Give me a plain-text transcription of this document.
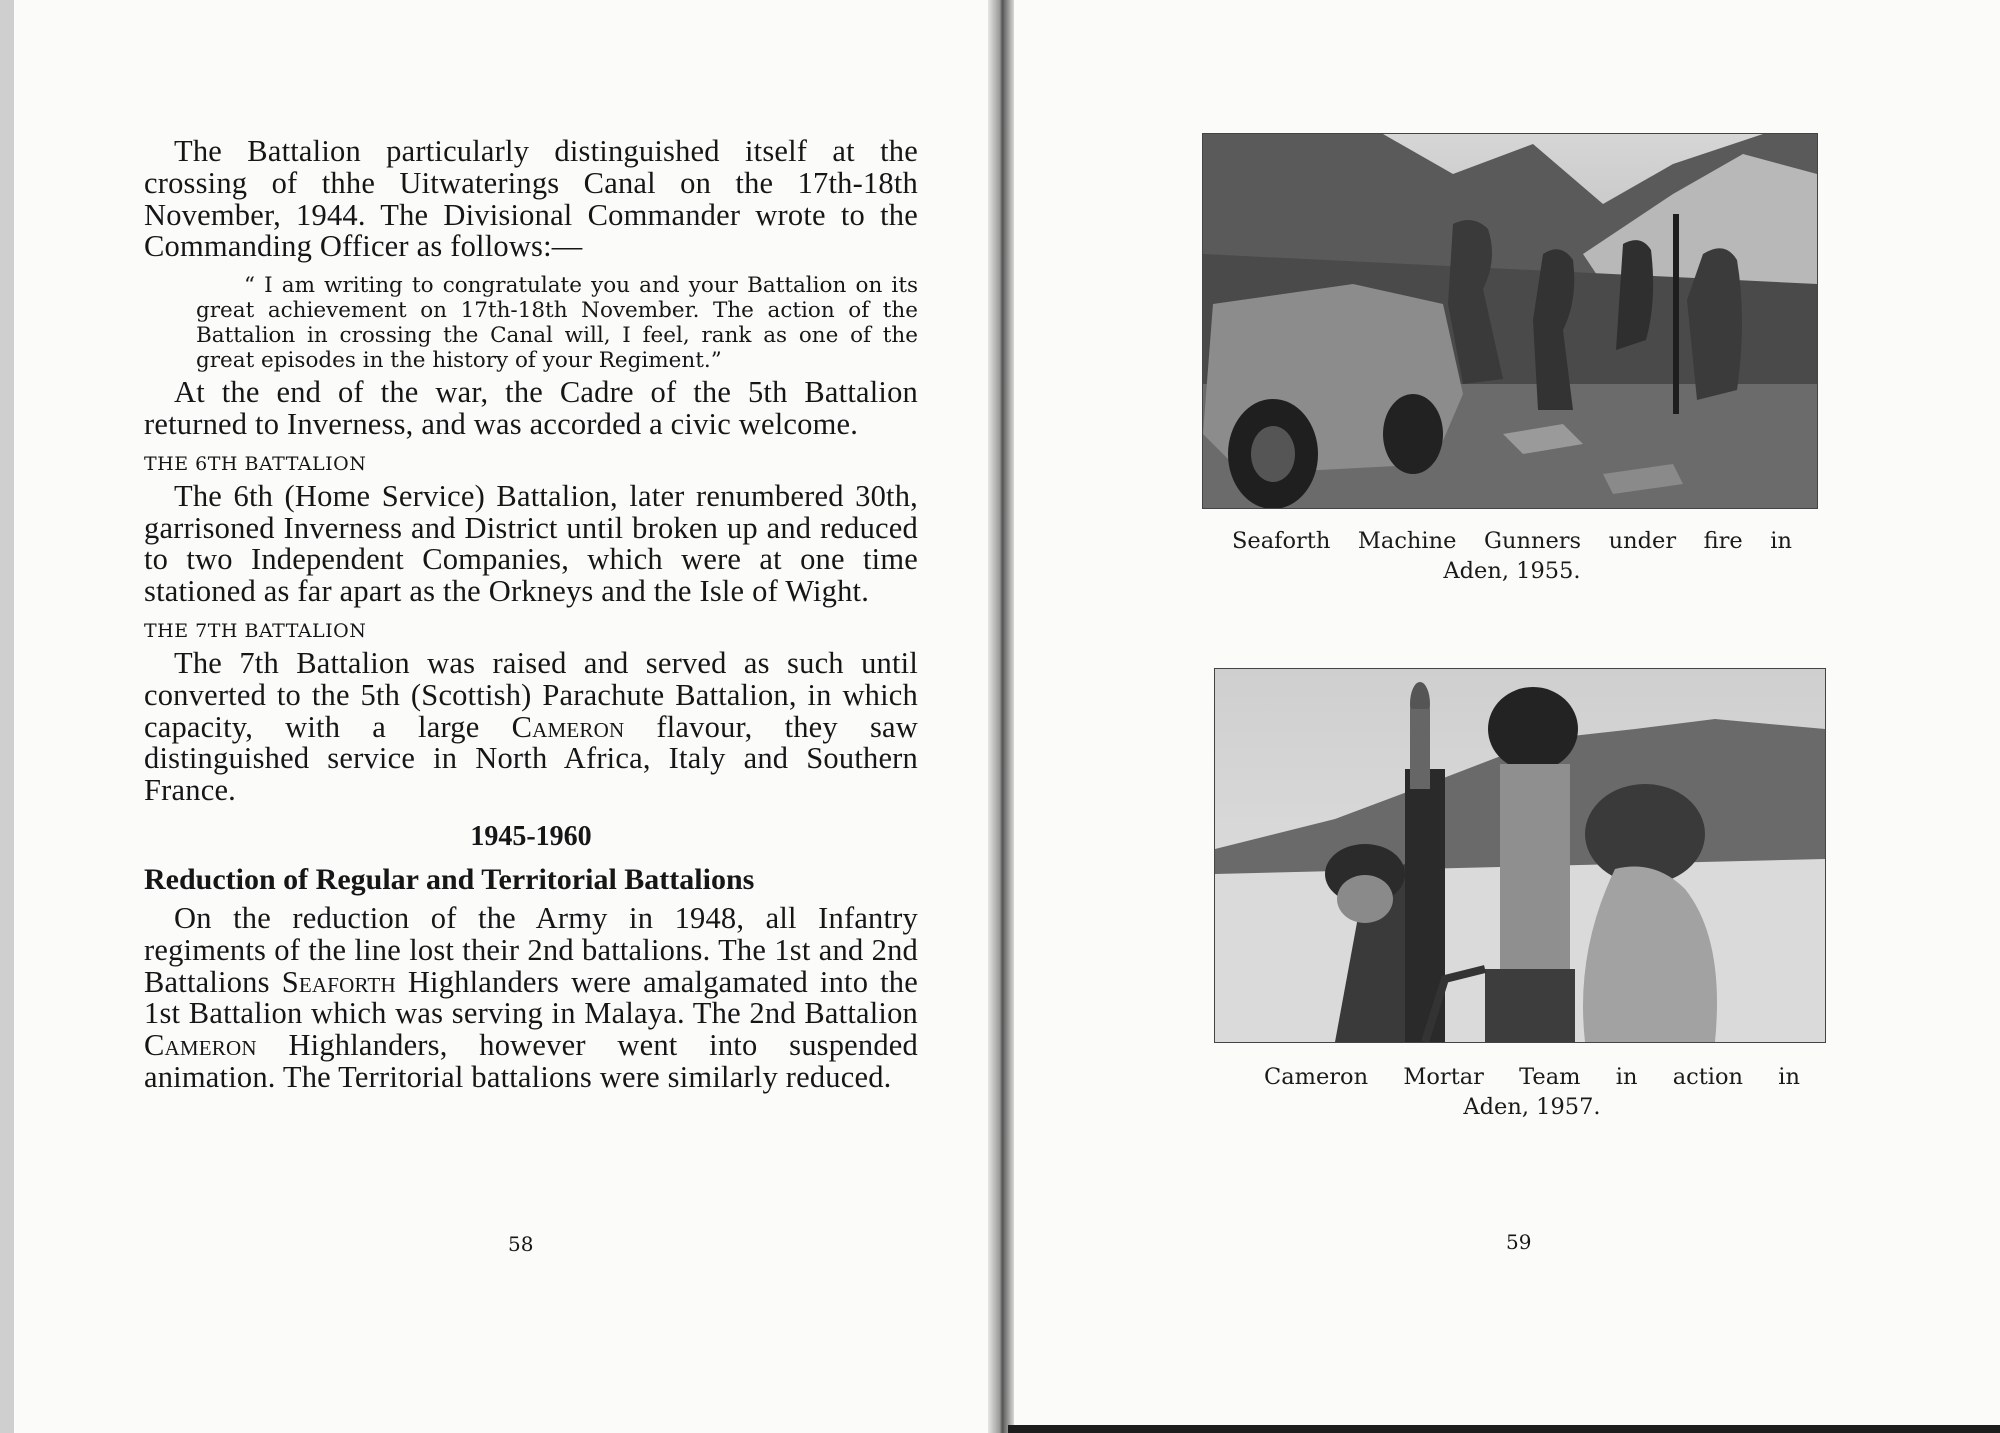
The Battalion particularly distinguished itself at the crossing of thhe Uitwaterings Canal on the 17th-18th November, 1944. The Divisional Commander wrote to the Commanding Officer as follows:—

“ I am writing to congratulate you and your Battalion on its great achievement on 17th-18th November. The action of the Battalion in crossing the Canal will, I feel, rank as one of the great episodes in the history of your Regiment.”

At the end of the war, the Cadre of the 5th Battalion returned to Inverness, and was accorded a civic welcome.

THE 6TH BATTALION

The 6th (Home Service) Battalion, later renumbered 30th, garrisoned Inverness and District until broken up and reduced to two Independent Companies, which were at one time stationed as far apart as the Orkneys and the Isle of Wight.

THE 7TH BATTALION

The 7th Battalion was raised and served as such until converted to the 5th (Scottish) Parachute Battalion, in which capacity, with a large Cameron flavour, they saw distinguished service in North Africa, Italy and Southern France.

1945-1960
Reduction of Regular and Territorial Battalions

On the reduction of the Army in 1948, all Infantry regiments of the line lost their 2nd battalions. The 1st and 2nd Battalions Seaforth Highlanders were amalgamated into the 1st Battalion which was serving in Malaya. The 2nd Battalion Cameron Highlanders, however went into suspended animation. The Territorial battalions were similarly reduced.

58
Seaforth Machine Gunners under fire in
Aden, 1955.
Cameron Mortar Team in action in
Aden, 1957.
59
